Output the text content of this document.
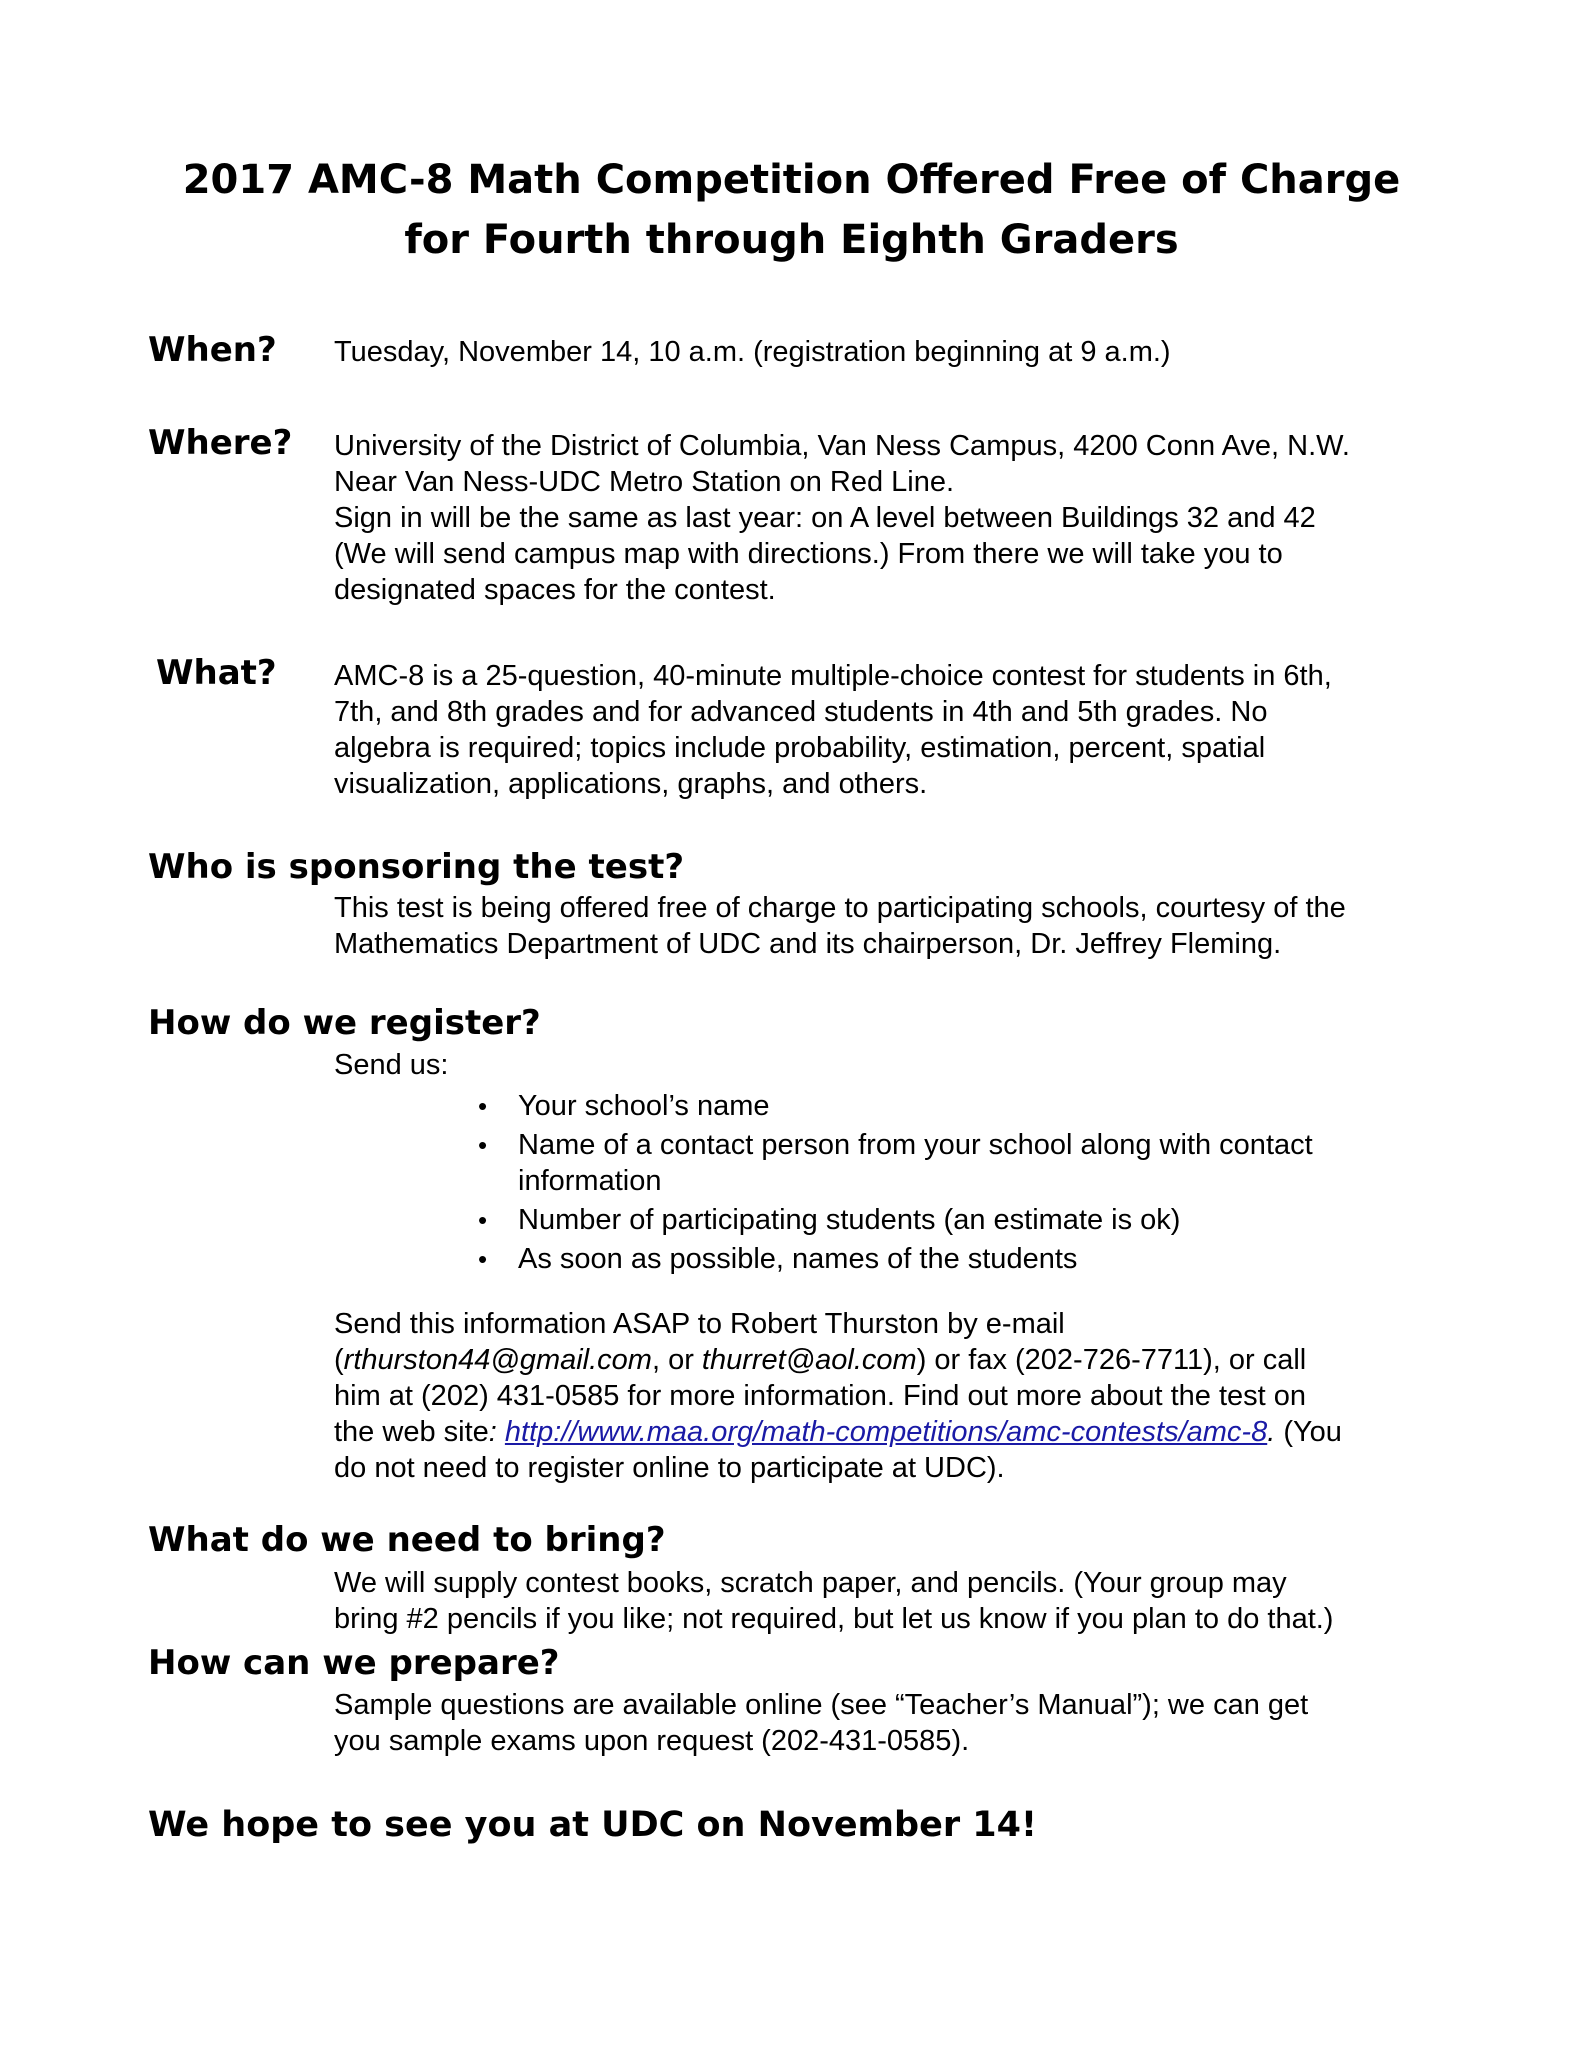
2017 AMC-8 Math Competition Offered Free of Charge
for Fourth through Eighth Graders
When? Tuesday, November 14, 10 a.m. (registration beginning at 9 a.m.)
Where? University of the District of Columbia, Van Ness Campus, 4200 Conn Ave, N.W.
Near Van Ness-UDC Metro Station on Red Line.
Sign in will be the same as last year: on A level between Buildings 32 and 42
(We will send campus map with directions.) From there we will take you to
designated spaces for the contest.
What? AMC-8 is a 25-question, 40-minute multiple-choice contest for students in 6th,
7th, and 8th grades and for advanced students in 4th and 5th grades. No
algebra is required; topics include probability, estimation, percent, spatial
visualization, applications, graphs, and others.
Who is sponsoring the test?
This test is being offered free of charge to participating schools, courtesy of the
Mathematics Department of UDC and its chairperson, Dr. Jeffrey Fleming.
How do we register?
Send us:
• Your school’s name
• Name of a contact person from your school along with contact information
• Number of participating students (an estimate is ok)
• As soon as possible, names of the students
Send this information ASAP to Robert Thurston by e-mail
(rthurston44@gmail.com, or thurret@aol.com) or fax (202-726-7711), or call
him at (202) 431-0585 for more information. Find out more about the test on
the web site: http://www.maa.org/math-competitions/amc-contests/amc-8. (You
do not need to register online to participate at UDC).
What do we need to bring?
We will supply contest books, scratch paper, and pencils. (Your group may
bring #2 pencils if you like; not required, but let us know if you plan to do that.)
How can we prepare?
Sample questions are available online (see “Teacher’s Manual”); we can get
you sample exams upon request (202-431-0585).
We hope to see you at UDC on November 14!
